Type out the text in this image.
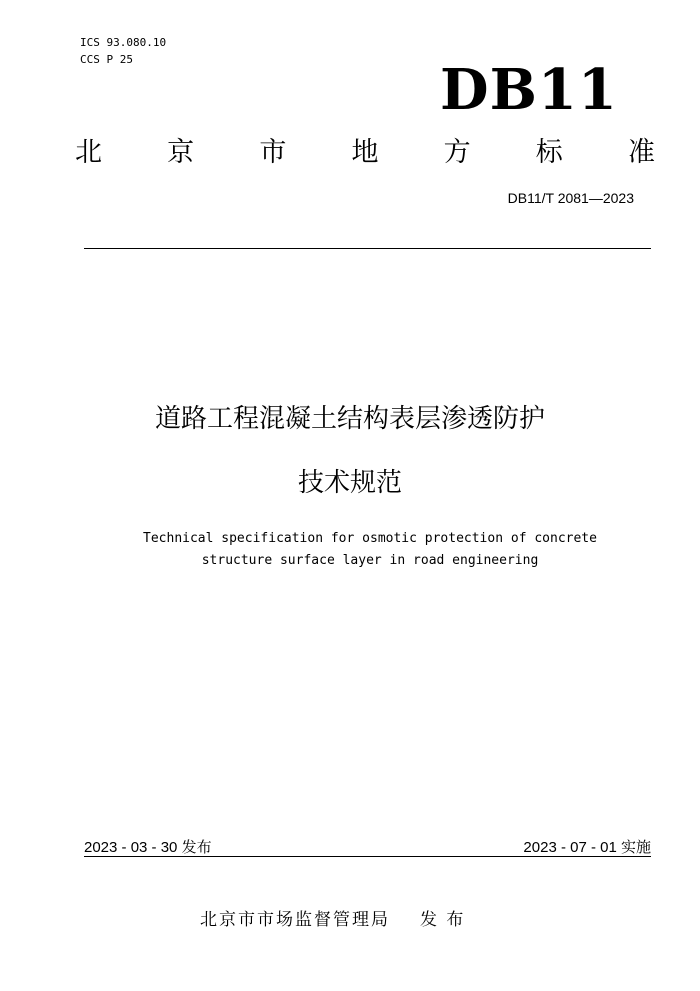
ICS 93.080.10
CCS P 25	DB11
北 京 市 地 方 标 准
DB11/T 2081—2023
道路工程混凝土结构表层渗透防护
技术规范
Technical specification for osmotic protection of concrete
structure surface layer in road engineering
2023 - 03 - 30 发布	2023 - 07 - 01 实施
北京市市场监督管理局 发 布
